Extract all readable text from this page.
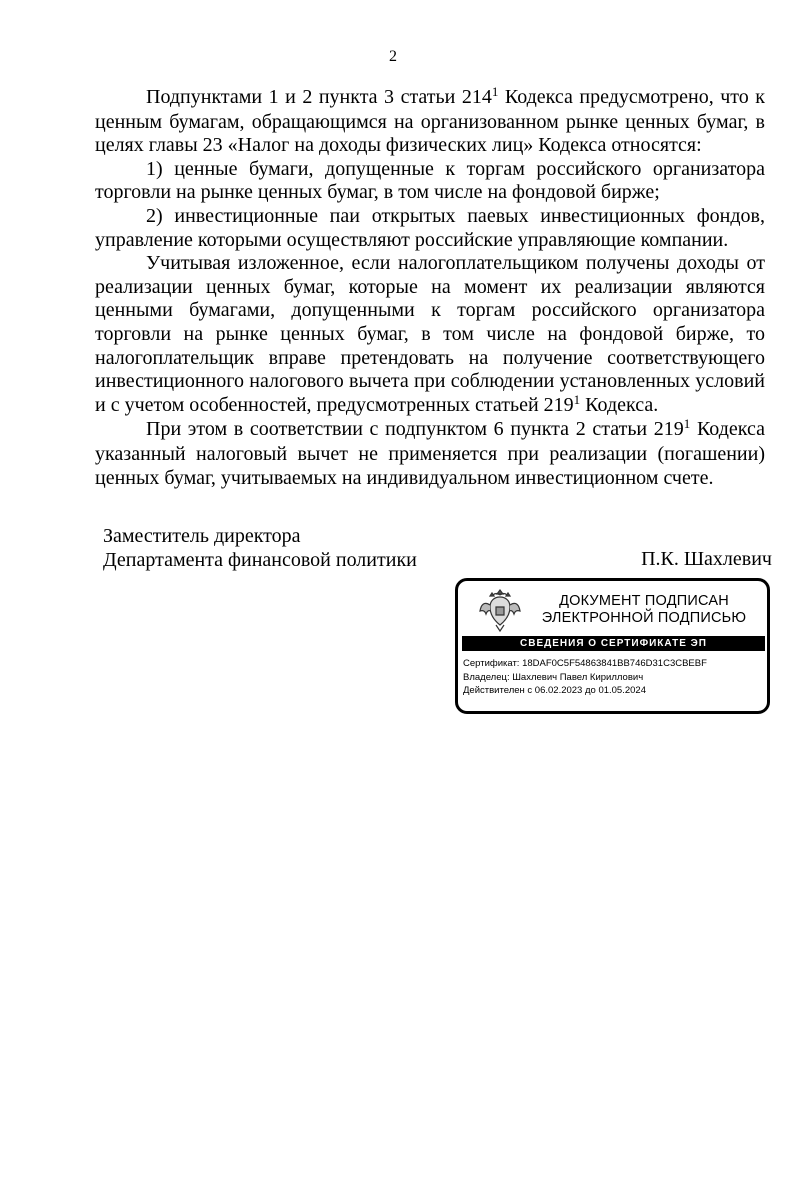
2

Подпунктами 1 и 2 пункта 3 статьи $214^1$ Кодекса предусмотрено, что к ценным бумагам, обращающимся на организованном рынке ценных бумаг, в целях главы 23 «Налог на доходы физических лиц» Кодекса относятся:

1) ценные бумаги, допущенные к торгам российского организатора торговли на рынке ценных бумаг, в том числе на фондовой бирже;

2) инвестиционные паи открытых паевых инвестиционных фондов, управление которыми осуществляют российские управляющие компании.

Учитывая изложенное, если налогоплательщиком получены доходы от реализации ценных бумаг, которые на момент их реализации являются ценными бумагами, допущенными к торгам российского организатора торговли на рынке ценных бумаг, в том числе на фондовой бирже, то налогоплательщик вправе претендовать на получение соответствующего инвестиционного налогового вычета при соблюдении установленных условий и с учетом особенностей, предусмотренных статьей $219^1$ Кодекса.

При этом в соответствии с подпунктом 6 пункта 2 статьи $219^1$ Кодекса указанный налоговый вычет не применяется при реализации (погашении) ценных бумаг, учитываемых на индивидуальном инвестиционном счете.

Заместитель директора
Департамента финансовой политики	П.К. Шахлевич
ДОКУМЕНТ ПОДПИСАН
ЭЛЕКТРОННОЙ ПОДПИСЬЮ
СВЕДЕНИЯ О СЕРТИФИКАТЕ ЭП
Сертификат: 18DAF0C5F54863841BB746D31C3CBEBF
Владелец: Шахлевич Павел Кириллович
Действителен с 06.02.2023 до 01.05.2024
